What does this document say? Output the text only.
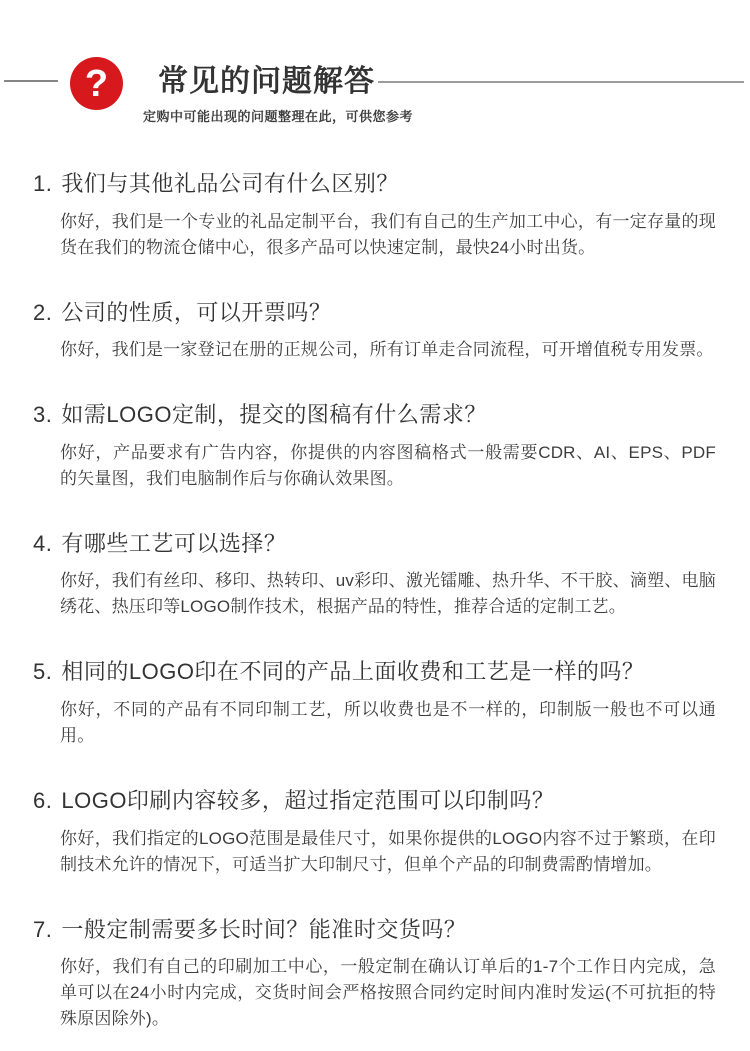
? 常见的问题解答

定购中可能出现的问题整理在此，可供您参考

1. 我们与其他礼品公司有什么区别？

你好，我们是一个专业的礼品定制平台，我们有自己的生产加工中心，有一定存量的现货在我们的物流仓储中心，很多产品可以快速定制，最快24小时出货。

2. 公司的性质，可以开票吗？

你好，我们是一家登记在册的正规公司，所有订单走合同流程，可开增值税专用发票。

3. 如需LOGO定制，提交的图稿有什么需求？

你好，产品要求有广告内容，你提供的内容图稿格式一般需要CDR、AI、EPS、PDF的矢量图，我们电脑制作后与你确认效果图。

4. 有哪些工艺可以选择？

你好，我们有丝印、移印、热转印、uv彩印、激光镭雕、热升华、不干胶、滴塑、电脑绣花、热压印等LOGO制作技术，根据产品的特性，推荐合适的定制工艺。

5. 相同的LOGO印在不同的产品上面收费和工艺是一样的吗？

你好，不同的产品有不同印制工艺，所以收费也是不一样的，印制版一般也不可以通用。

6. LOGO印刷内容较多，超过指定范围可以印制吗？

你好，我们指定的LOGO范围是最佳尺寸，如果你提供的LOGO内容不过于繁琐，在印制技术允许的情况下，可适当扩大印制尺寸，但单个产品的印制费需酌情增加。

7. 一般定制需要多长时间？能准时交货吗？

你好，我们有自己的印刷加工中心，一般定制在确认订单后的1-7个工作日内完成，急单可以在24小时内完成，交货时间会严格按照合同约定时间内准时发运(不可抗拒的特殊原因除外)。
